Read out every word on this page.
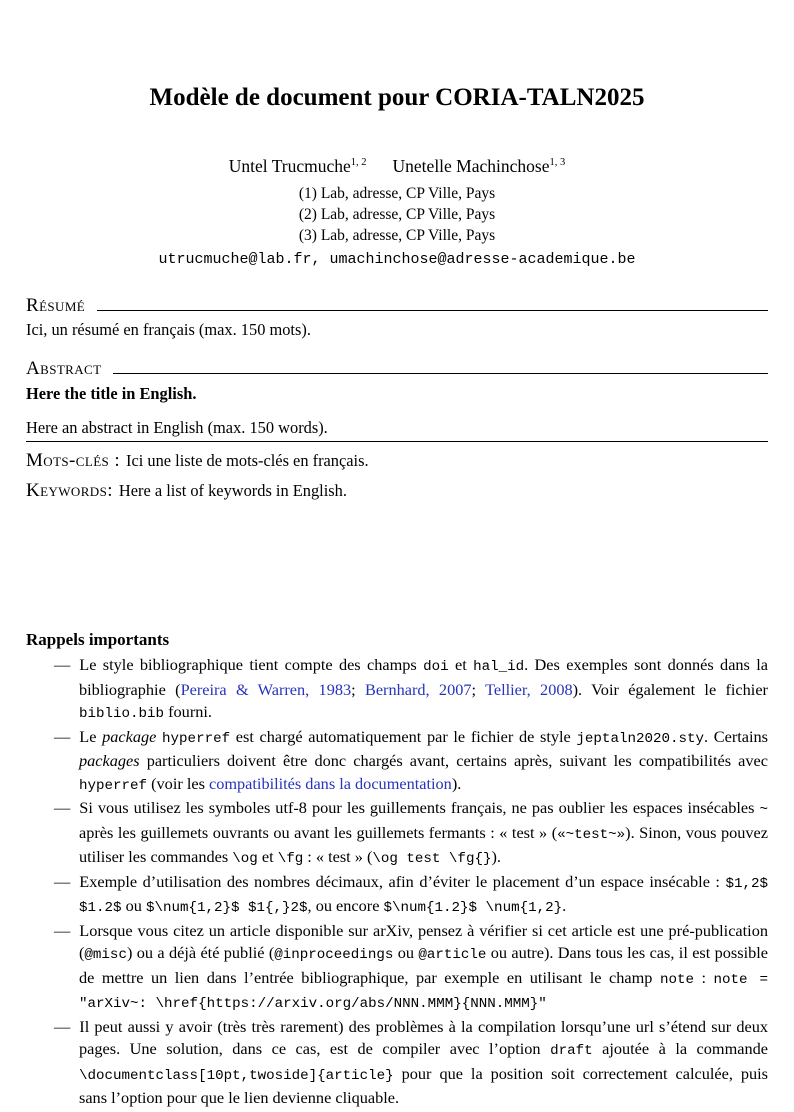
Modèle de document pour CORIA-TALN2025
Untel Trucmuche$^{1, 2}$ Unetelle Machinchose$^{1, 3}$
(1) Lab, adresse, CP Ville, Pays
(2) Lab, adresse, CP Ville, Pays
(3) Lab, adresse, CP Ville, Pays
utrucmuche@lab.fr, umachinchose@adresse-academique.be
Résumé
Ici, un résumé en français (max. 150 mots).
Abstract
Here the title in English.
Here an abstract in English (max. 150 words).
Mots-clés : Ici une liste de mots-clés en français.
Keywords: Here a list of keywords in English.
Rappels importants
— Le style bibliographique tient compte des champs doi et hal_id. Des exemples sont donnés dans la bibliographie (Pereira & Warren, 1983; Bernhard, 2007; Tellier, 2008). Voir également le fichier biblio.bib fourni.
— Le package hyperref est chargé automatiquement par le fichier de style jeptaln2020.sty. Certains packages particuliers doivent être donc chargés avant, certains après, suivant les compatibilités avec hyperref (voir les compatibilités dans la documentation).
— Si vous utilisez les symboles utf-8 pour les guillements français, ne pas oublier les espaces insécables ~ après les guillemets ouvrants ou avant les guillemets fermants : « test » («~test~»). Sinon, vous pouvez utiliser les commandes \og et \fg : « test » (\og test \fg{}).
— Exemple d’utilisation des nombres décimaux, afin d’éviter le placement d’un espace insécable : $1,2$ $1.2$ ou $\num{1,2}$ $1{,}2$, ou encore $\num{1.2}$ \num{1,2}.
— Lorsque vous citez un article disponible sur arXiv, pensez à vérifier si cet article est une pré-publication (@misc) ou a déjà été publié (@inproceedings ou @article ou autre). Dans tous les cas, il est possible de mettre un lien dans l’entrée bibliographique, par exemple en utilisant le champ note : note = "arXiv~: \href{https://arxiv.org/abs/NNN.MMM}{NNN.MMM}"
— Il peut aussi y avoir (très très rarement) des problèmes à la compilation lorsqu’une url s’étend sur deux pages. Une solution, dans ce cas, est de compiler avec l’option draft ajoutée à la commande \documentclass[10pt,twoside]{article} pour que la position soit correctement calculée, puis sans l’option pour que le lien devienne cliquable.
